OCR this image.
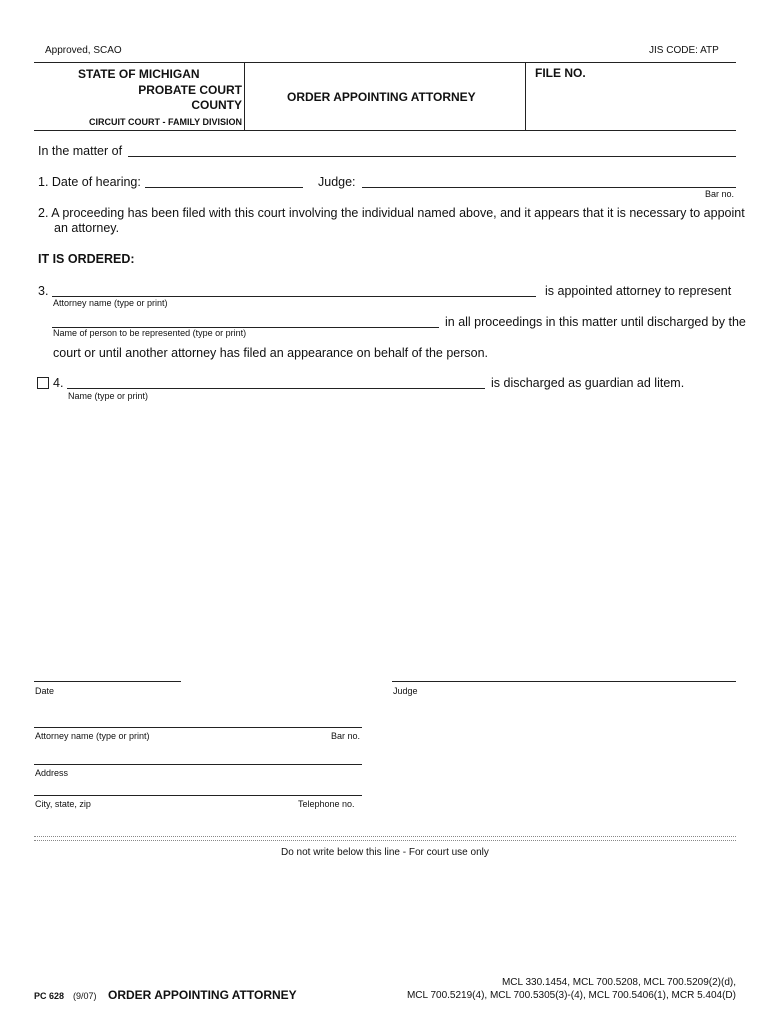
Approved, SCAO	JIS CODE: ATP
STATE OF MICHIGAN
PROBATE COURT
COUNTY
CIRCUIT COURT - FAMILY DIVISION
ORDER APPOINTING ATTORNEY
FILE NO.
In the matter of
1. Date of hearing:	Judge:
Bar no.
2. A proceeding has been filed with this court involving the individual named above, and it appears that it is necessary to appoint
an attorney.
IT IS ORDERED:
3.	is appointed attorney to represent
Attorney name (type or print)
in all proceedings in this matter until discharged by the
Name of person to be represented (type or print)
court or until another attorney has filed an appearance on behalf of the person.
4.	is discharged as guardian ad litem.
Name (type or print)
Date	Judge
Attorney name (type or print)	Bar no.
Address
City, state, zip	Telephone no.
Do not write below this line - For court use only
PC 628 (9/07) ORDER APPOINTING ATTORNEY
MCL 330.1454, MCL 700.5208, MCL 700.5209(2)(d),
MCL 700.5219(4), MCL 700.5305(3)-(4), MCL 700.5406(1), MCR 5.404(D)
